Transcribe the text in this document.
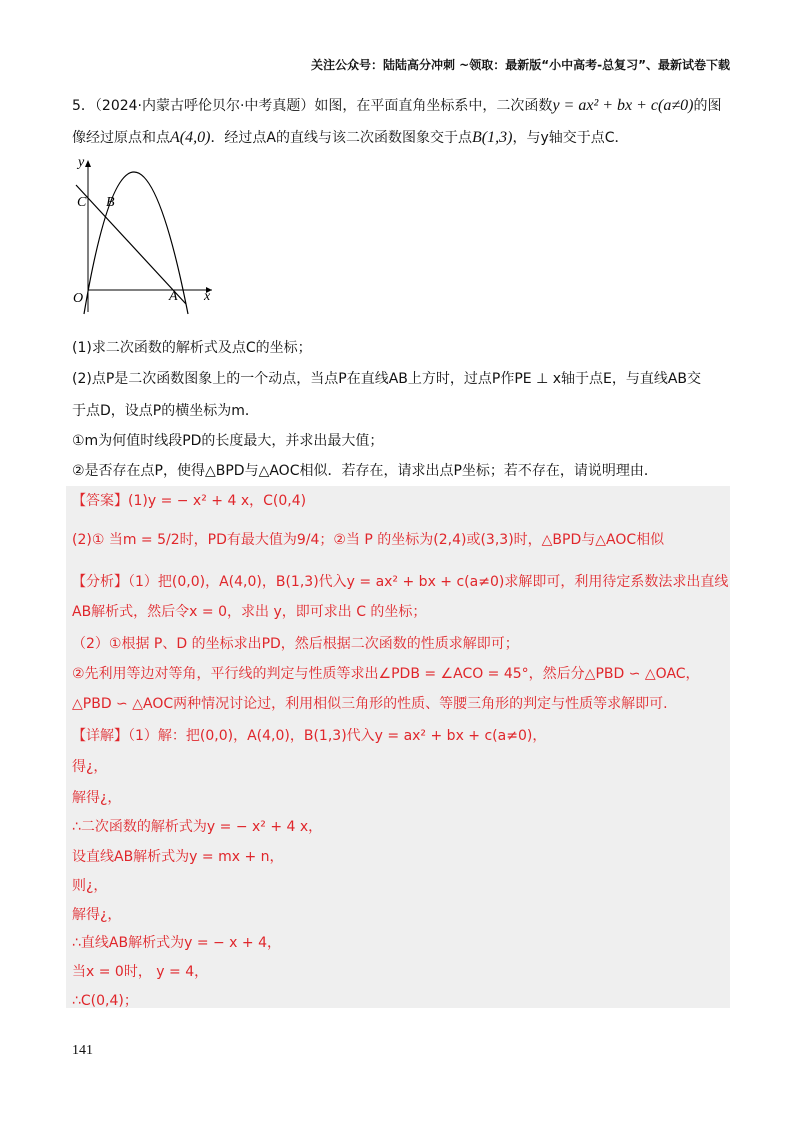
关注公众号：陆陆高分冲刺 ~领取：最新版“小中高考-总复习”、最新试卷下载
5．（2024·内蒙古呼伦贝尔·中考真题）如图，在平面直角坐标系中，二次函数y = ax² + bx + c(a≠0)的图
像经过原点和点A(4,0)．经过点A的直线与该二次函数图象交于点B(1,3)，与y轴交于点C．
y
x
O	A
B
C
(1)求二次函数的解析式及点C的坐标；
(2)点P是二次函数图象上的一个动点，当点P在直线AB上方时，过点P作PE ⊥ x轴于点E，与直线AB交
于点D，设点P的横坐标为m．
①m为何值时线段PD的长度最大，并求出最大值；
②是否存在点P，使得△BPD与△AOC相似．若存在，请求出点P坐标；若不存在，请说明理由．
【答案】(1)y = − x² + 4 x，C(0,4)
(2)① 当m = 5/2时，PD有最大值为9/4；②当 P 的坐标为(2,4)或(3,3)时，△BPD与△AOC相似
【分析】（1）把(0,0)，A(4,0)，B(1,3)代入y = ax² + bx + c(a≠0)求解即可，利用待定系数法求出直线
AB解析式，然后令x = 0，求出 y，即可求出 C 的坐标；
（2）①根据 P、D 的坐标求出PD，然后根据二次函数的性质求解即可；
②先利用等边对等角，平行线的判定与性质等求出∠PDB = ∠ACO = 45°，然后分△PBD ∽ △OAC，
△PBD ∽ △AOC两种情况讨论过，利用相似三角形的性质、等腰三角形的判定与性质等求解即可.
【详解】（1）解：把(0,0)，A(4,0)，B(1,3)代入y = ax² + bx + c(a≠0)，
得¿，
解得¿，
∴二次函数的解析式为y = − x² + 4 x，
设直线AB解析式为y = mx + n，
则¿，
解得¿，
∴直线AB解析式为y = − x + 4，
当x = 0时， y = 4，
∴C(0,4)；
141
